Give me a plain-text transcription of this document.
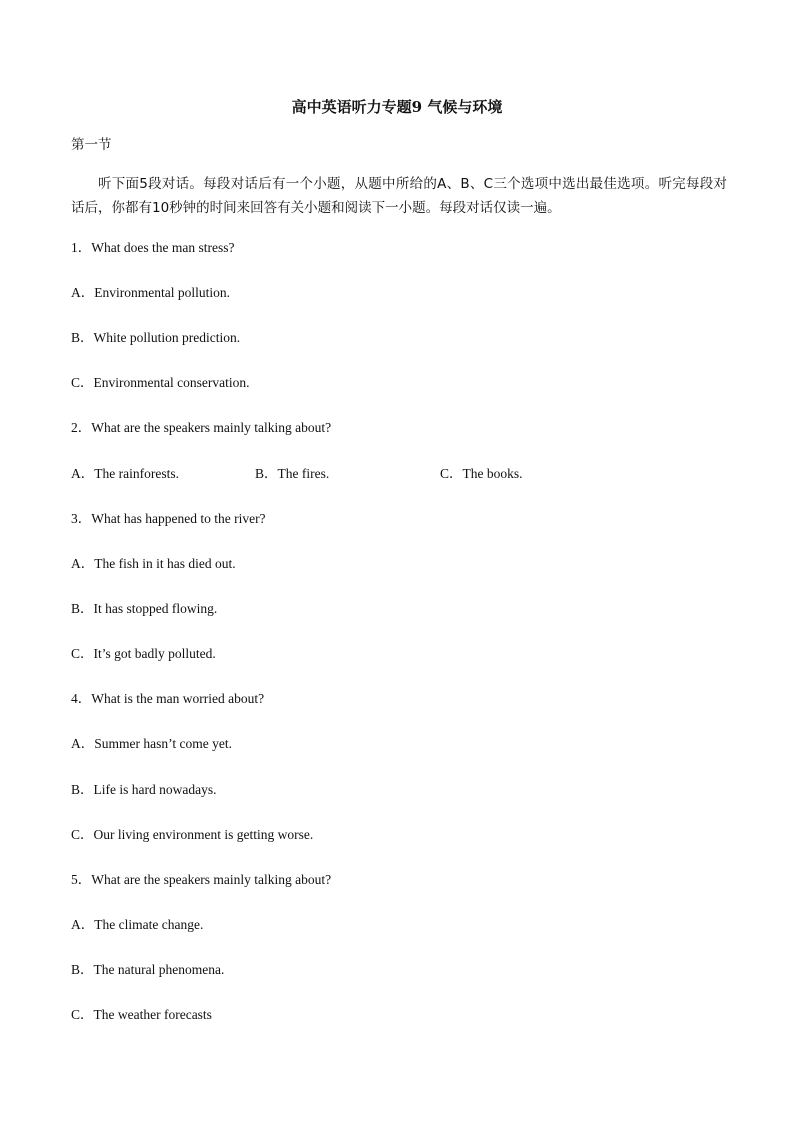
高中英语听力专题9 气候与环境
第一节
听下面5段对话。每段对话后有一个小题，从题中所给的A、B、C三个选项中选出最佳选项。听完每段对话后，你都有10秒钟的时间来回答有关小题和阅读下一小题。每段对话仅读一遍。
1．What does the man stress?
A．Environmental pollution.
B．White pollution prediction.
C．Environmental conservation.
2．What are the speakers mainly talking about?
A．The rainforests.	B．The fires.	C．The books.
3．What has happened to the river?
A．The fish in it has died out.
B．It has stopped flowing.
C．It’s got badly polluted.
4．What is the man worried about?
A．Summer hasn’t come yet.
B．Life is hard nowadays.
C．Our living environment is getting worse.
5．What are the speakers mainly talking about?
A．The climate change.
B．The natural phenomena.
C．The weather forecasts
